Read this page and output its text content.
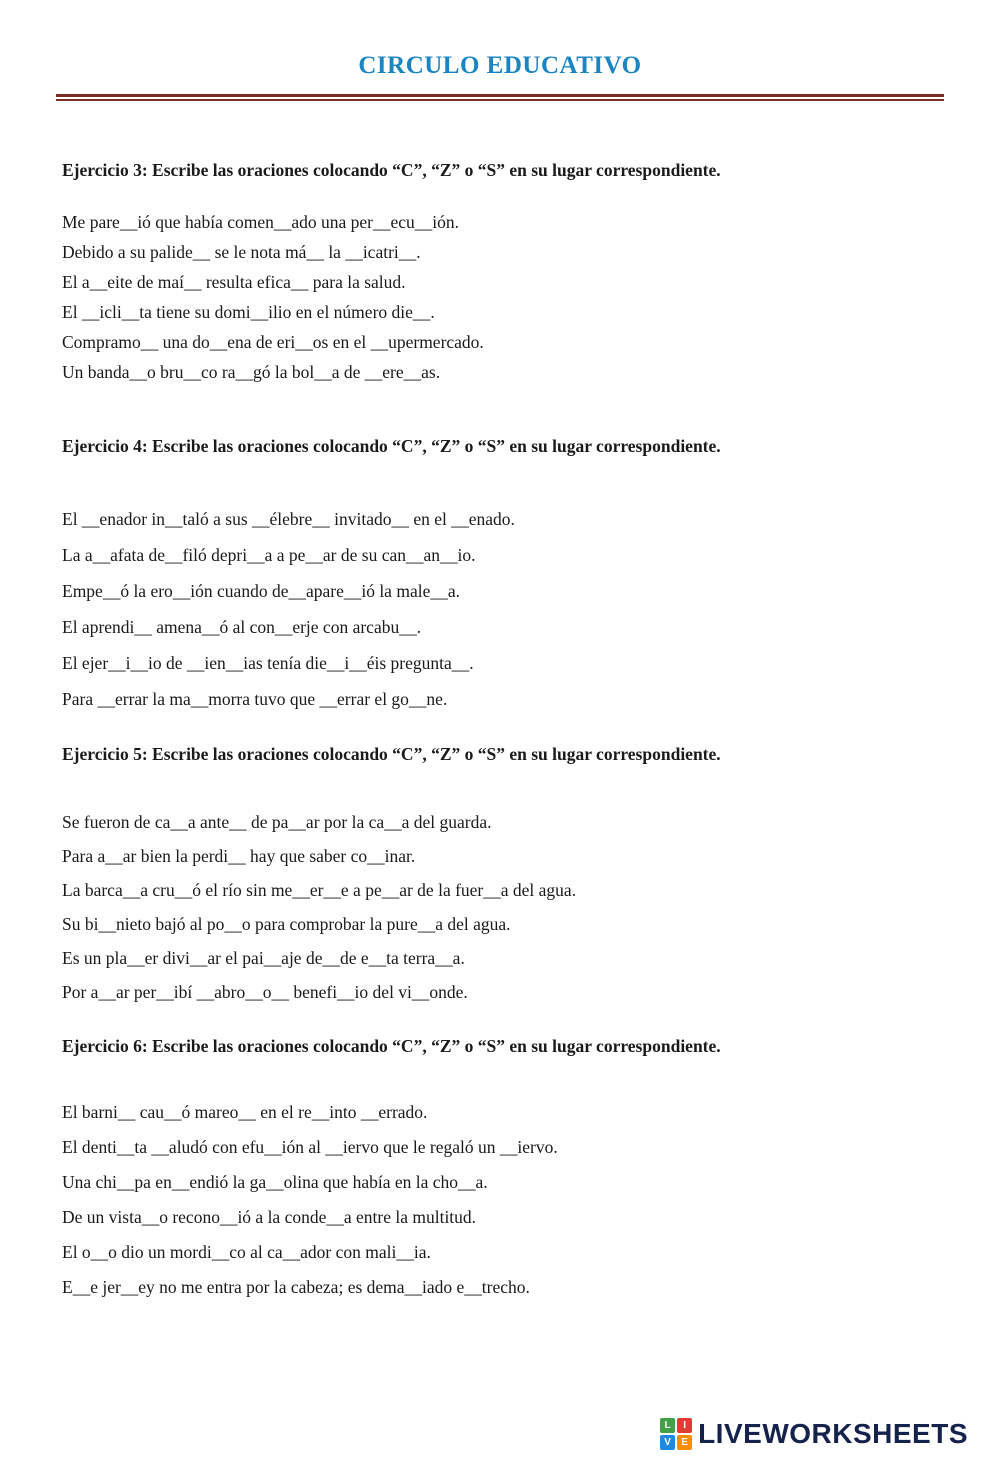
CIRCULO EDUCATIVO
Ejercicio 3: Escribe las oraciones colocando “C”, “Z” o “S” en su lugar correspondiente.

Me pare__ió que había comen__ado una per__ecu__ión.

Debido a su palide__ se le nota má__ la __icatri__.

El a__eite de maí__ resulta efica__ para la salud.

El __icli__ta tiene su domi__ilio en el número die__.

Compramo__ una do__ena de eri__os en el __upermercado.

Un banda__o bru__co ra__gó la bol__a de __ere__as.

Ejercicio 4: Escribe las oraciones colocando “C”, “Z” o “S” en su lugar correspondiente.

El __enador in__taló a sus __élebre__ invitado__ en el __enado.

La a__afata de__filó depri__a a pe__ar de su can__an__io.

Empe__ó la ero__ión cuando de__apare__ió la male__a.

El aprendi__ amena__ó al con__erje con arcabu__.

El ejer__i__io de __ien__ias tenía die__i__éis pregunta__.

Para __errar la ma__morra tuvo que __errar el go__ne.

Ejercicio 5: Escribe las oraciones colocando “C”, “Z” o “S” en su lugar correspondiente.

Se fueron de ca__a ante__ de pa__ar por la ca__a del guarda.

Para a__ar bien la perdi__ hay que saber co__inar.

La barca__a cru__ó el río sin me__er__e a pe__ar de la fuer__a del agua.

Su bi__nieto bajó al po__o para comprobar la pure__a del agua.

Es un pla__er divi__ar el pai__aje de__de e__ta terra__a.

Por a__ar per__ibí __abro__o__ benefi__io del vi__onde.

Ejercicio 6: Escribe las oraciones colocando “C”, “Z” o “S” en su lugar correspondiente.

El barni__ cau__ó mareo__ en el re__into __errado.

El denti__ta __aludó con efu__ión al __iervo que le regaló un __iervo.

Una chi__pa en__endió la ga__olina que había en la cho__a.

De un vista__o recono__ió a la conde__a entre la multitud.

El o__o dio un mordi__co al ca__ador con mali__ia.

E__e jer__ey no me entra por la cabeza; es dema__iado e__trecho.

L	I
V	E LIVEWORKSHEETS
